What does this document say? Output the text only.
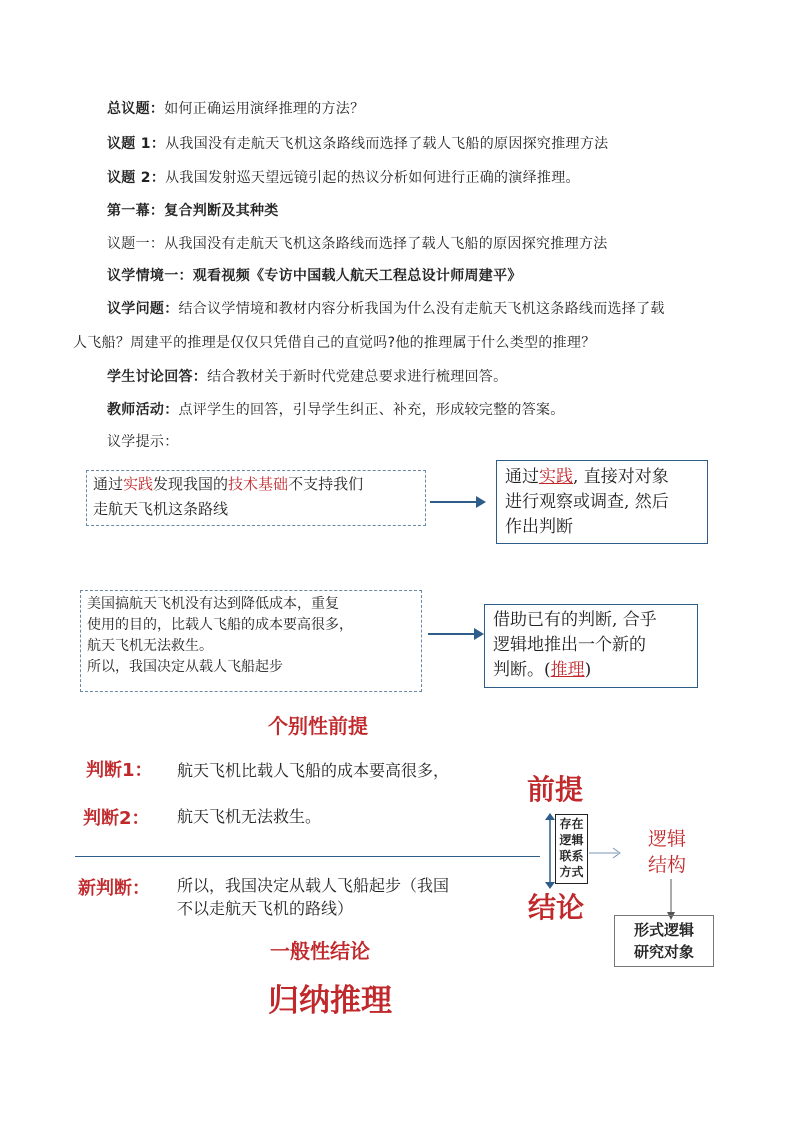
总议题：如何正确运用演绎推理的方法？
议题 1：从我国没有走航天飞机这条路线而选择了载人飞船的原因探究推理方法
议题 2：从我国发射巡天望远镜引起的热议分析如何进行正确的演绎推理。
第一幕：复合判断及其种类
议题一：从我国没有走航天飞机这条路线而选择了载人飞船的原因探究推理方法
议学情境一：观看视频《专访中国载人航天工程总设计师周建平》
议学问题：结合议学情境和教材内容分析我国为什么没有走航天飞机这条路线而选择了载
人飞船？周建平的推理是仅仅只凭借自己的直觉吗?他的推理属于什么类型的推理？
学生讨论回答：结合教材关于新时代党建总要求进行梳理回答。
教师活动：点评学生的回答，引导学生纠正、补充，形成较完整的答案。
议学提示：
通过实践发现我国的技术基础不支持我们
走航天飞机这条路线
通过实践, 直接对对象
进行观察或调查, 然后
作出判断
美国搞航天飞机没有达到降低成本，重复
使用的目的，比载人飞船的成本要高很多，
航天飞机无法救生。
所以，我国决定从载人飞船起步
借助已有的判断, 合乎
逻辑地推出一个新的
判断。(推理)
个别性前提
判断1： 航天飞机比载人飞船的成本要高很多，
判断2： 航天飞机无法救生。
前提
存在
逻辑
联系
方式
逻辑
结构
形式逻辑
研究对象
新判断： 所以，我国决定从载人飞船起步（我国
不以走航天飞机的路线）	结论
一般性结论
归纳推理
